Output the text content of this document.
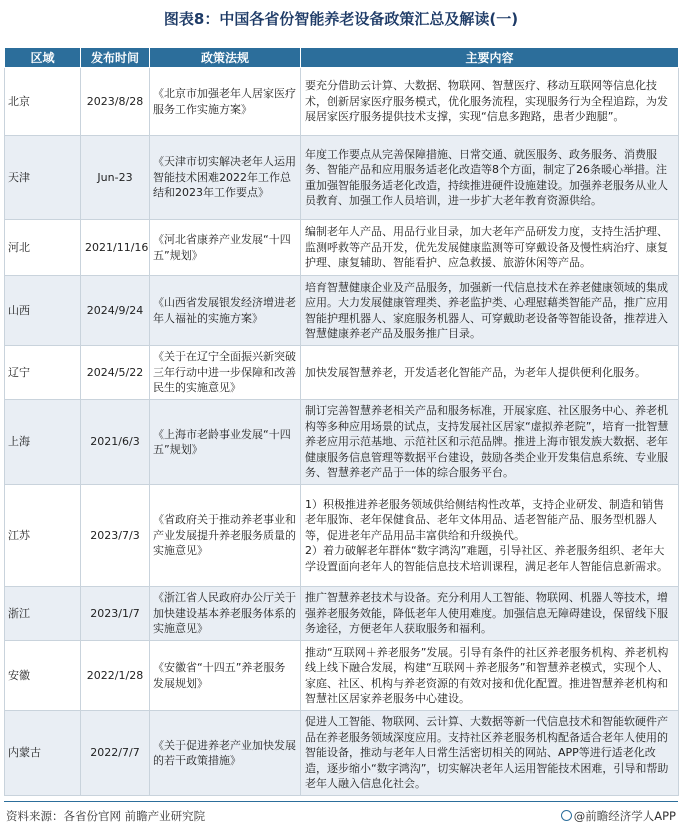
图表8：中国各省份智能养老设备政策汇总及解读(一)
区域	发布时间	政策法规	主要内容
北京	2023/8/28	《北京市加强老年人居家医疗服务工作实施方案》	要充分借助云计算、大数据、物联网、智慧医疗、移动互联网等信息化技术，创新居家医疗服务模式，优化服务流程，实现服务行为全程追踪，为发展居家医疗服务提供技术支撑，实现“信息多跑路，患者少跑腿”。
天津	Jun-23	《天津市切实解决老年人运用智能技术困难2022年工作总结和2023年工作要点》	年度工作要点从完善保障措施、日常交通、就医服务、政务服务、消费服务、智能产品和应用服务适老化改造等8个方面，制定了26条暖心举措。注重加强智能服务适老化改造，持续推进硬件设施建设。加强养老服务从业人员教育、加强工作人员培训，进一步扩大老年教育资源供给。
河北	2021/11/16	《河北省康养产业发展“十四五”规划》	编制老年人产品、用品行业目录，加大老年产品研发力度，支持生活护理、监测呼救等产品开发，优先发展健康监测等可穿戴设备及慢性病治疗、康复护理、康复辅助、智能看护、应急救援、旅游休闲等产品。
山西	2024/9/24	《山西省发展银发经济增进老年人福祉的实施方案》	培育智慧健康企业及产品服务，加强新一代信息技术在养老健康领域的集成应用。大力发展健康管理类、养老监护类、心理慰藉类智能产品，推广应用智能护理机器人、家庭服务机器人、可穿戴助老设备等智能设备，推荐进入智慧健康养老产品及服务推广目录。
辽宁	2024/5/22	《关于在辽宁全面振兴新突破三年行动中进一步保障和改善民生的实施意见》	加快发展智慧养老，开发适老化智能产品，为老年人提供便利化服务。
上海	2021/6/3	《上海市老龄事业发展“十四五”规划》	制订完善智慧养老相关产品和服务标准，开展家庭、社区服务中心、养老机构等多种应用场景的试点，支持发展社区居家“虚拟养老院”，培育一批智慧养老应用示范基地、示范社区和示范品牌。推进上海市银发族大数据、老年健康服务信息管理等数据平台建设，鼓励各类企业开发集信息系统、专业服务、智慧养老产品于一体的综合服务平台。
江苏	2023/7/3	《省政府关于推动养老事业和产业发展提升养老服务质量的实施意见》	1）积极推进养老服务领域供给侧结构性改革，支持企业研发、制造和销售老年服饰、老年保健食品、老年文体用品、适老智能产品、服务型机器人等，促进老年产品用品丰富供给和升级换代。
2）着力破解老年群体“数字鸿沟”难题，引导社区、养老服务组织、老年大学设置面向老年人的智能信息技术培训课程，满足老年人智能信息新需求。

浙江	2023/1/7	《浙江省人民政府办公厅关于加快建设基本养老服务体系的实施意见》	推广智慧养老技术与设备。充分利用人工智能、物联网、机器人等技术，增强养老服务效能，降低老年人使用难度。加强信息无障碍建设，保留线下服务途径，方便老年人获取服务和福利。
安徽	2022/1/28	《安徽省“十四五”养老服务发展规划》	推动“互联网＋养老服务”发展。引导有条件的社区养老服务机构、养老机构线上线下融合发展，构建“互联网＋养老服务”和智慧养老模式，实现个人、家庭、社区、机构与养老资源的有效对接和优化配置。推进智慧养老机构和智慧社区居家养老服务中心建设。
内蒙古	2022/7/7	《关于促进养老产业加快发展的若干政策措施》	促进人工智能、物联网、云计算、大数据等新一代信息技术和智能软硬件产品在养老服务领域深度应用。支持社区养老服务机构配备适合老年人使用的智能设备，推动与老年人日常生活密切相关的网站、APP等进行适老化改造，逐步缩小“数字鸿沟”，切实解决老年人运用智能技术困难，引导和帮助老年人融入信息化社会。
资料来源：各省份官网 前瞻产业研究院	@前瞻经济学人APP
